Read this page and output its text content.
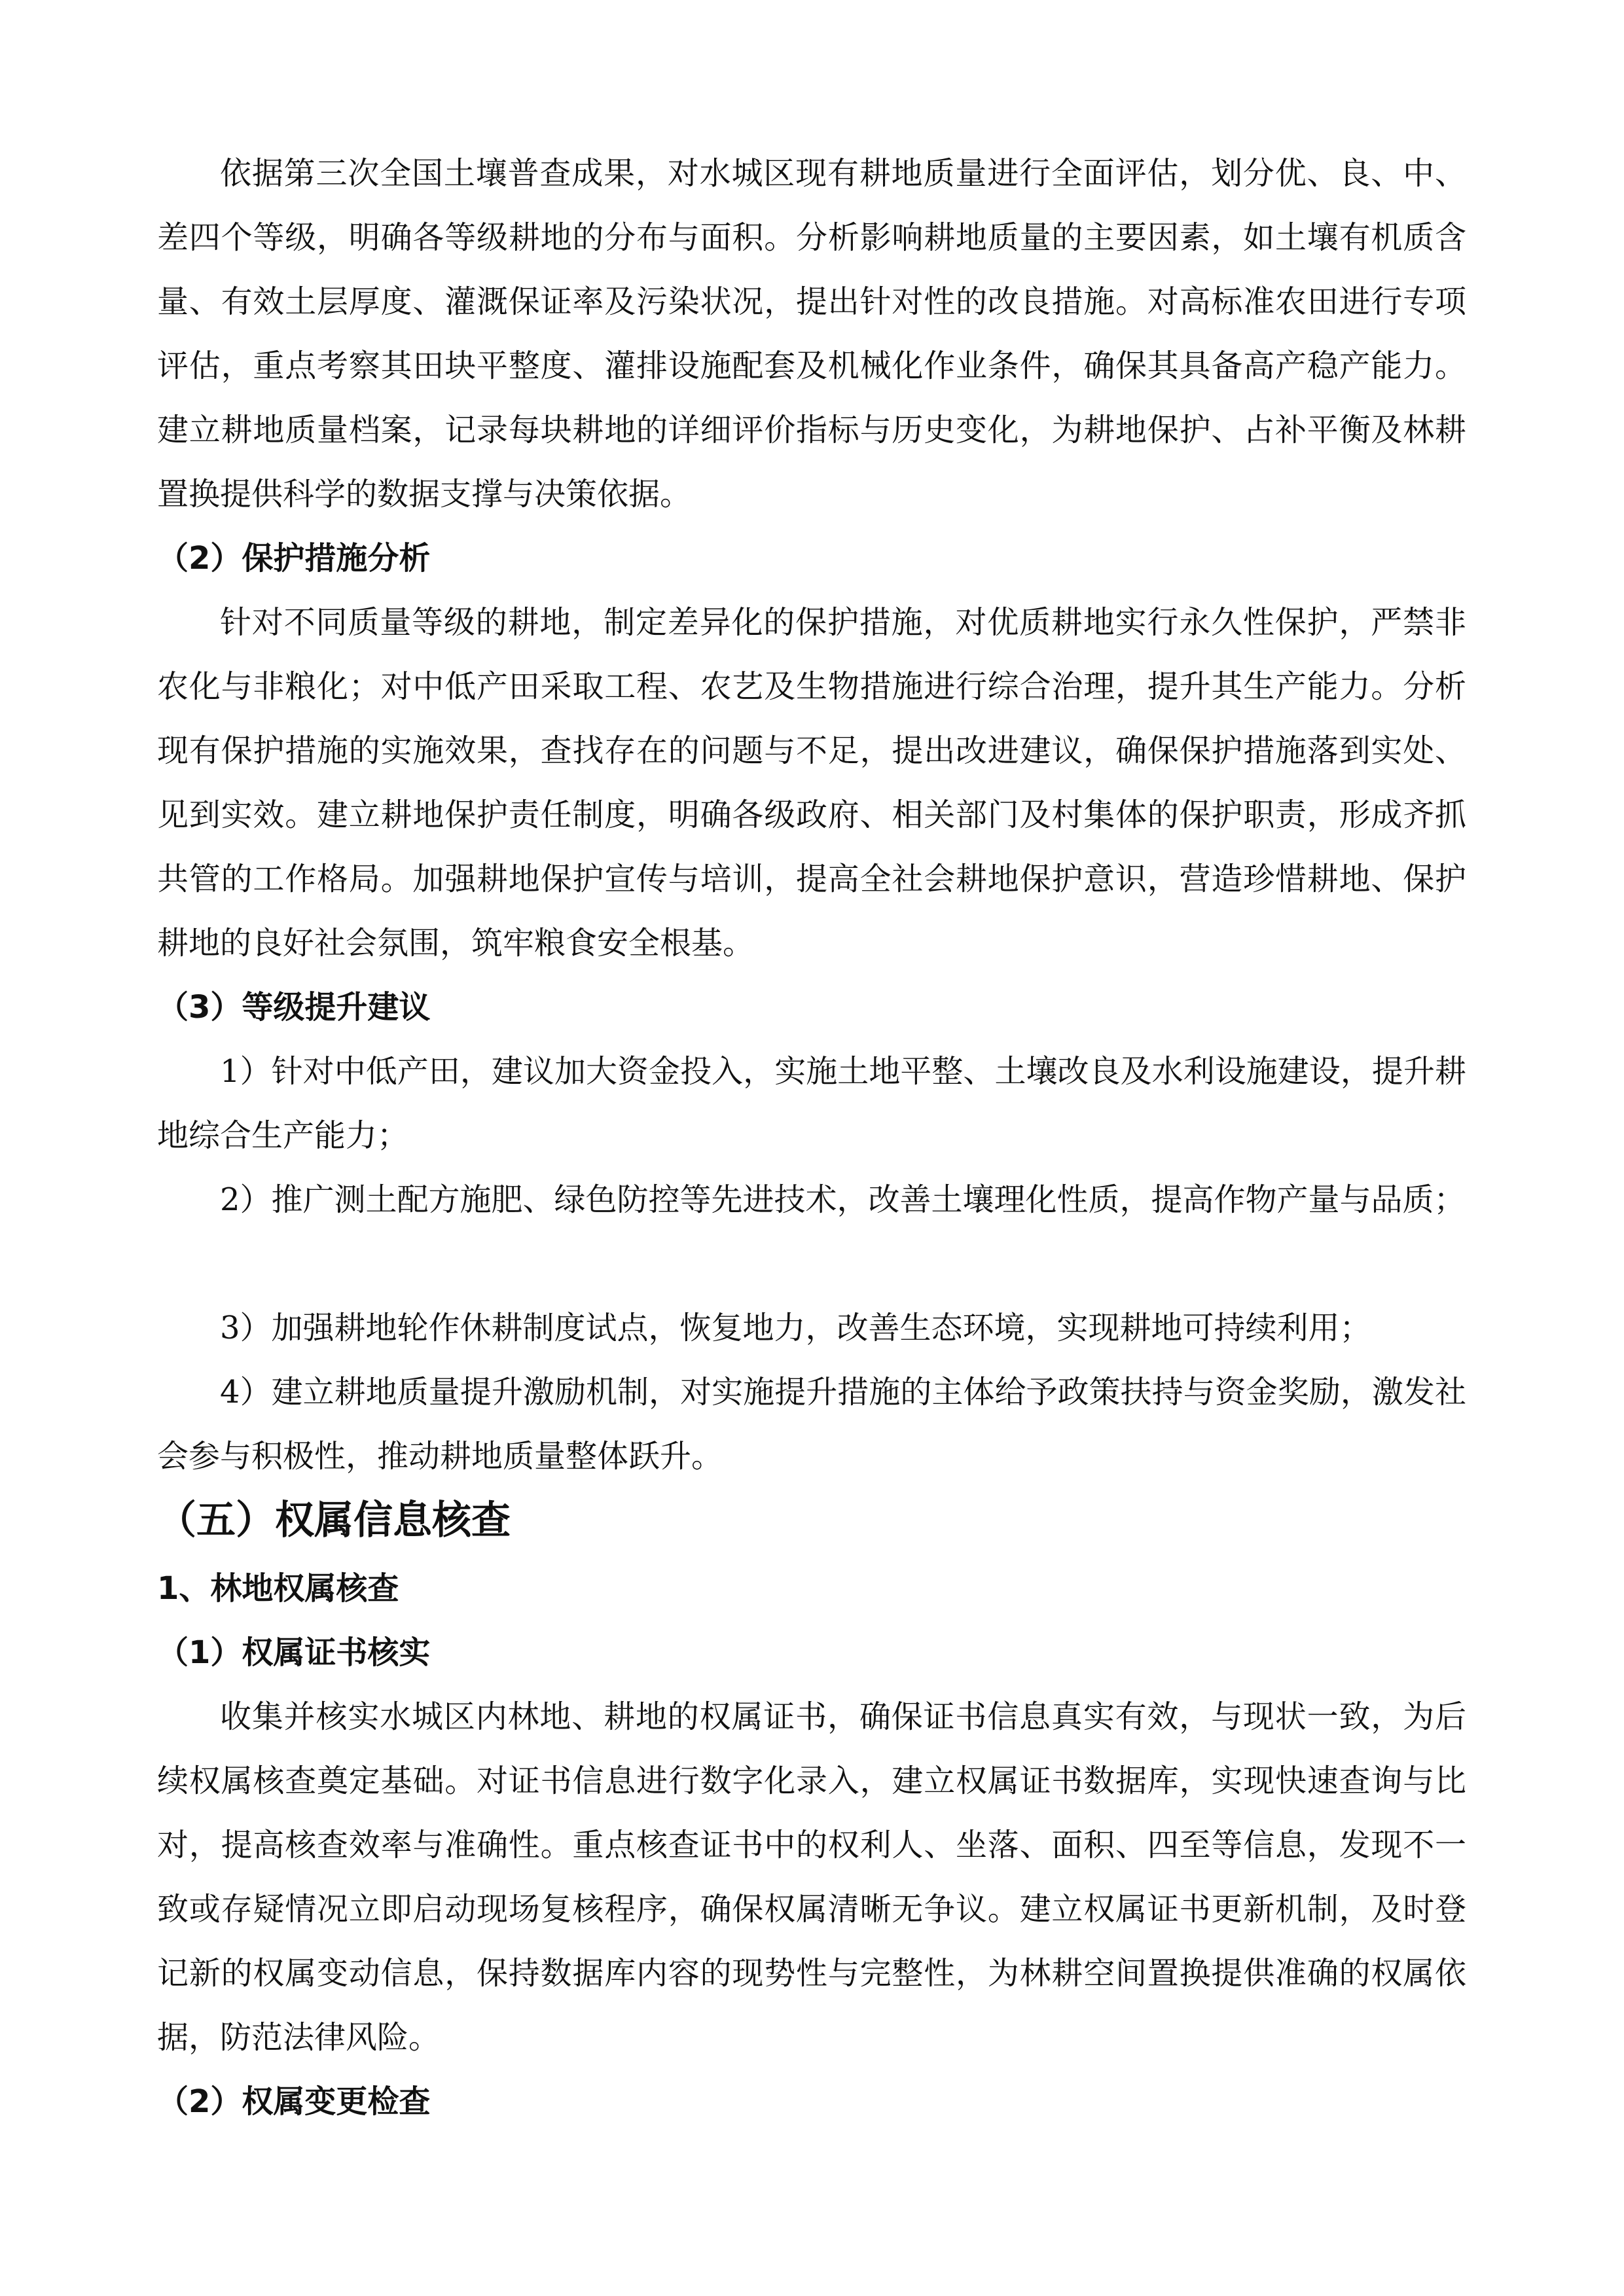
依据第三次全国土壤普查成果，对水城区现有耕地质量进行全面评估，划分优、良、中、差四个等级，明确各等级耕地的分布与面积。分析影响耕地质量的主要因素，如土壤有机质含量、有效土层厚度、灌溉保证率及污染状况，提出针对性的改良措施。对高标准农田进行专项评估，重点考察其田块平整度、灌排设施配套及机械化作业条件，确保其具备高产稳产能力。建立耕地质量档案，记录每块耕地的详细评价指标与历史变化，为耕地保护、占补平衡及林耕置换提供科学的数据支撑与决策依据。

（2）保护措施分析

针对不同质量等级的耕地，制定差异化的保护措施，对优质耕地实行永久性保护，严禁非农化与非粮化；对中低产田采取工程、农艺及生物措施进行综合治理，提升其生产能力。分析现有保护措施的实施效果，查找存在的问题与不足，提出改进建议，确保保护措施落到实处、见到实效。建立耕地保护责任制度，明确各级政府、相关部门及村集体的保护职责，形成齐抓共管的工作格局。加强耕地保护宣传与培训，提高全社会耕地保护意识，营造珍惜耕地、保护耕地的良好社会氛围，筑牢粮食安全根基。

（3）等级提升建议

1）针对中低产田，建议加大资金投入，实施土地平整、土壤改良及水利设施建设，提升耕地综合生产能力；

2）推广测土配方施肥、绿色防控等先进技术，改善土壤理化性质，提高作物产量与品质；

3）加强耕地轮作休耕制度试点，恢复地力，改善生态环境，实现耕地可持续利用；

4）建立耕地质量提升激励机制，对实施提升措施的主体给予政策扶持与资金奖励，激发社会参与积极性，推动耕地质量整体跃升。

（五）权属信息核查
1、林地权属核查
（1）权属证书核实

收集并核实水城区内林地、耕地的权属证书，确保证书信息真实有效，与现状一致，为后续权属核查奠定基础。对证书信息进行数字化录入，建立权属证书数据库，实现快速查询与比对，提高核查效率与准确性。重点核查证书中的权利人、坐落、面积、四至等信息，发现不一致或存疑情况立即启动现场复核程序，确保权属清晰无争议。建立权属证书更新机制，及时登记新的权属变动信息，保持数据库内容的现势性与完整性，为林耕空间置换提供准确的权属依据，防范法律风险。

（2）权属变更检查
